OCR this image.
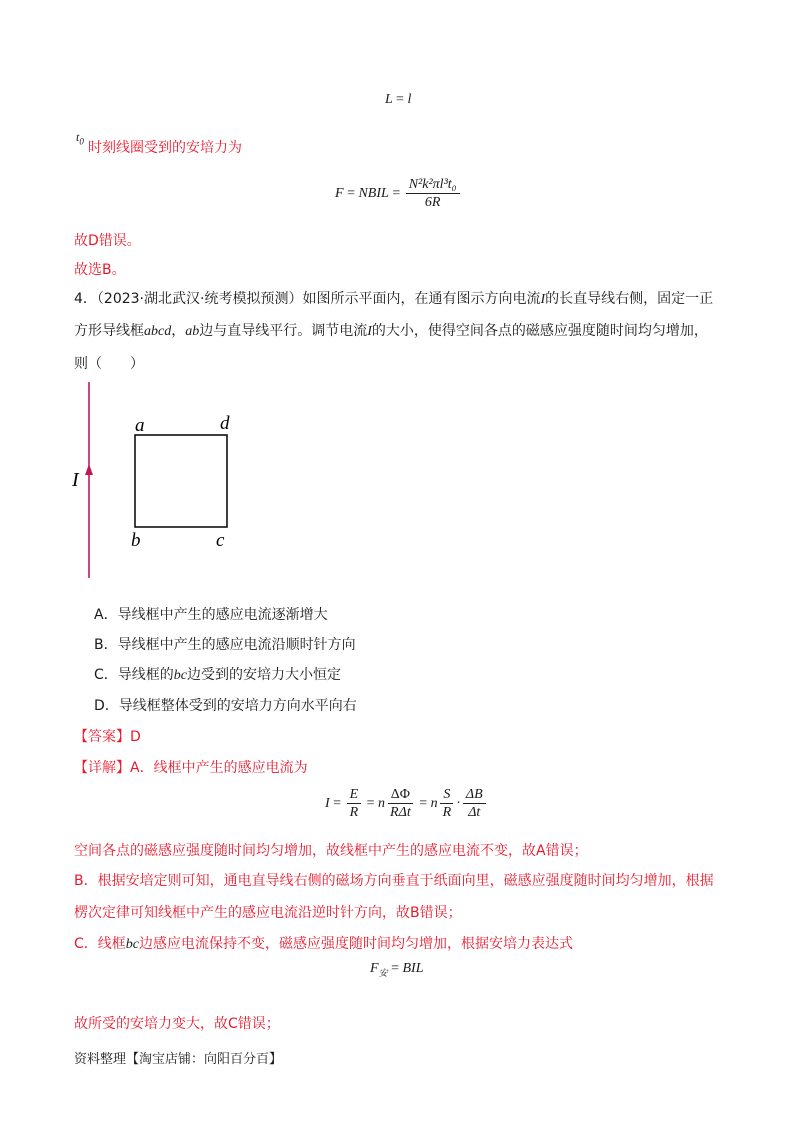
L = l
$t_0$ 时刻线圈受到的安培力为
F = NBIL = $\frac{\text{N²k²πl³t₀}}{6R}$
故D错误。
故选B。
4．（2023·湖北武汉·统考模拟预测）如图所示平面内，在通有图示方向电流I的长直导线右侧，固定一正
方形导线框abcd，ab边与直导线平行。调节电流I的大小，使得空间各点的磁感应强度随时间均匀增加，
则（　　）
a	d
b	c
I
A．导线框中产生的感应电流逐渐增大
B．导线框中产生的感应电流沿顺时针方向
C．导线框的bc边受到的安培力大小恒定
D．导线框整体受到的安培力方向水平向右
【答案】D
【详解】A．线框中产生的感应电流为
$I = \frac{E}{R} = n \frac{\Delta\Phi}{\text{RΔt}} = n \frac{S}{R} \cdot \frac{\Delta B}{\Delta t}$
空间各点的磁感应强度随时间均匀增加，故线框中产生的感应电流不变，故A错误；
B．根据安培定则可知，通电直导线右侧的磁场方向垂直于纸面向里，磁感应强度随时间均匀增加，根据
楞次定律可知线框中产生的感应电流沿逆时针方向，故B错误；
C．线框bc边感应电流保持不变，磁感应强度随时间均匀增加，根据安培力表达式
$F_安$ = BIL
故所受的安培力变大，故C错误；
资料整理【淘宝店铺：向阳百分百】
